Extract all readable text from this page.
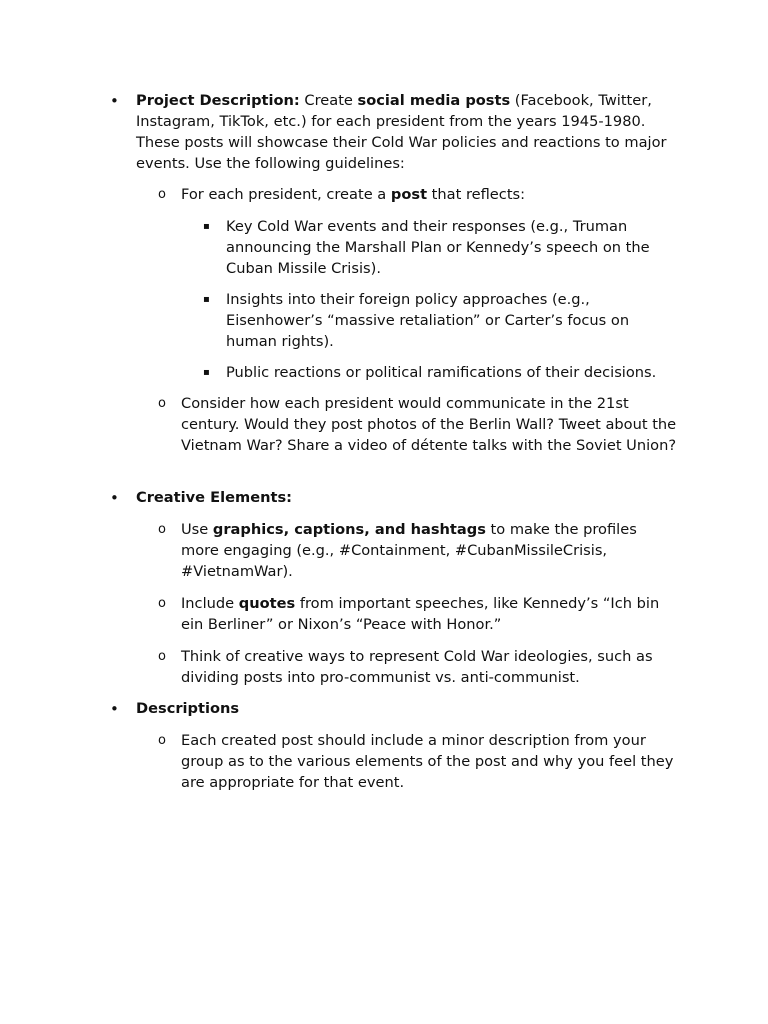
• Project Description: Create social media posts (Facebook, Twitter, Instagram, TikTok, etc.) for each president from the years 1945-1980. These posts will showcase their Cold War policies and reactions to major events. Use the following guidelines:
o For each president, create a post that reflects:
▪ Key Cold War events and their responses (e.g., Truman announcing the Marshall Plan or Kennedy’s speech on the Cuban Missile Crisis).
▪ Insights into their foreign policy approaches (e.g., Eisenhower’s “massive retaliation” or Carter’s focus on human rights).
▪ Public reactions or political ramifications of their decisions.
o Consider how each president would communicate in the 21st century. Would they post photos of the Berlin Wall? Tweet about the Vietnam War? Share a video of détente talks with the Soviet Union?
• Creative Elements:
o Use graphics, captions, and hashtags to make the profiles more engaging (e.g., #Containment, #CubanMissileCrisis, #VietnamWar).
o Include quotes from important speeches, like Kennedy’s “Ich bin ein Berliner” or Nixon’s “Peace with Honor.”
o Think of creative ways to represent Cold War ideologies, such as dividing posts into pro-communist vs. anti-communist.
• Descriptions
o Each created post should include a minor description from your group as to the various elements of the post and why you feel they are appropriate for that event.
